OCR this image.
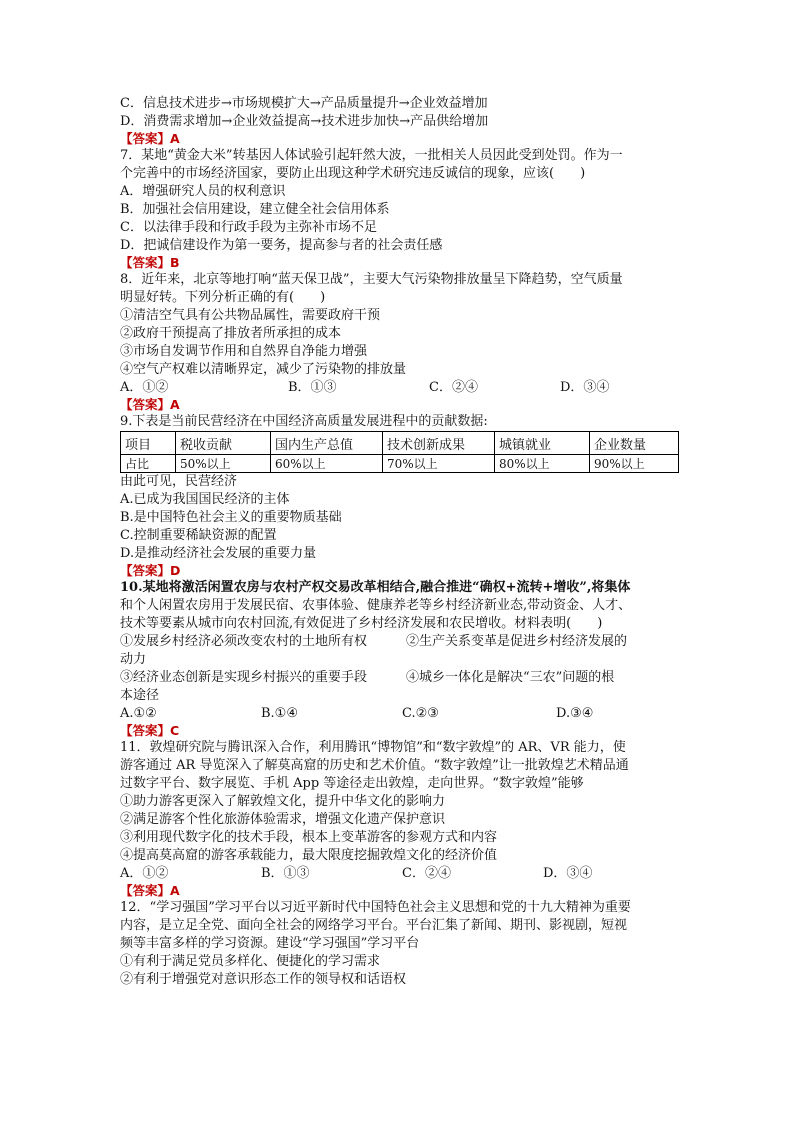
C．信息技术进步→市场规模扩大→产品质量提升→企业效益增加
D．消费需求增加→企业效益提高→技术进步加快→产品供给增加
【答案】A
7．某地“黄金大米”转基因人体试验引起轩然大波，一批相关人员因此受到处罚。作为一
个完善中的市场经济国家，要防止出现这种学术研究违反诚信的现象，应该(　　)
A．增强研究人员的权利意识
B．加强社会信用建设，建立健全社会信用体系
C．以法律手段和行政手段为主弥补市场不足
D．把诚信建设作为第一要务，提高参与者的社会责任感
【答案】B
8．近年来，北京等地打响“蓝天保卫战”，主要大气污染物排放量呈下降趋势，空气质量
明显好转。下列分析正确的有(　　)
①清洁空气具有公共物品属性，需要政府干预
②政府干预提高了排放者所承担的成本
③市场自发调节作用和自然界自净能力增强
④空气产权难以清晰界定，减少了污染物的排放量
A．①②	B．①③	C．②④	D．③④
【答案】A
9.下表是当前民营经济在中国经济高质量发展进程中的贡献数据:
项目	税收贡献	国内生产总值	技术创新成果	城镇就业	企业数量
占比	50%以上	60%以上	70%以上	80%以上	90%以上
由此可见，民营经济
A.已成为我国国民经济的主体
B.是中国特色社会主义的重要物质基础
C.控制重要稀缺资源的配置
D.是推动经济社会发展的重要力量
【答案】D
10.某地将激活闲置农房与农村产权交易改革相结合,融合推进“确权+流转+增收”,将集体
和个人闲置农房用于发展民宿、农事体验、健康养老等乡村经济新业态,带动资金、人才、
技术等要素从城市向农村回流,有效促进了乡村经济发展和农民增收。材料表明(　　)
①发展乡村经济必须改变农村的土地所有权　　　②生产关系变革是促进乡村经济发展的
动力
③经济业态创新是实现乡村振兴的重要手段　　　④城乡一体化是解决“三农”问题的根
本途径
A.①②	B.①④	C.②③	D.③④
【答案】C
11．敦煌研究院与腾讯深入合作，利用腾讯“博物馆”和“数字敦煌”的 AR、VR 能力，使
游客通过 AR 导览深入了解莫高窟的历史和艺术价值。“数字敦煌”让一批敦煌艺术精品通
过数字平台、数字展览、手机 App 等途径走出敦煌，走向世界。“数字敦煌”能够
①助力游客更深入了解敦煌文化，提升中华文化的影响力
②满足游客个性化旅游体验需求，增强文化遗产保护意识
③利用现代数字化的技术手段，根本上变革游客的参观方式和内容
④提高莫高窟的游客承载能力，最大限度挖掘敦煌文化的经济价值
A．①②	B．①③	C．②④	D．③④
【答案】A
12．“学习强国”学习平台以习近平新时代中国特色社会主义思想和党的十九大精神为重要
内容，是立足全党、面向全社会的网络学习平台。平台汇集了新闻、期刊、影视剧，短视
频等丰富多样的学习资源。建设“学习强国”学习平台
①有利于满足党员多样化、便捷化的学习需求
②有利于增强党对意识形态工作的领导权和话语权
